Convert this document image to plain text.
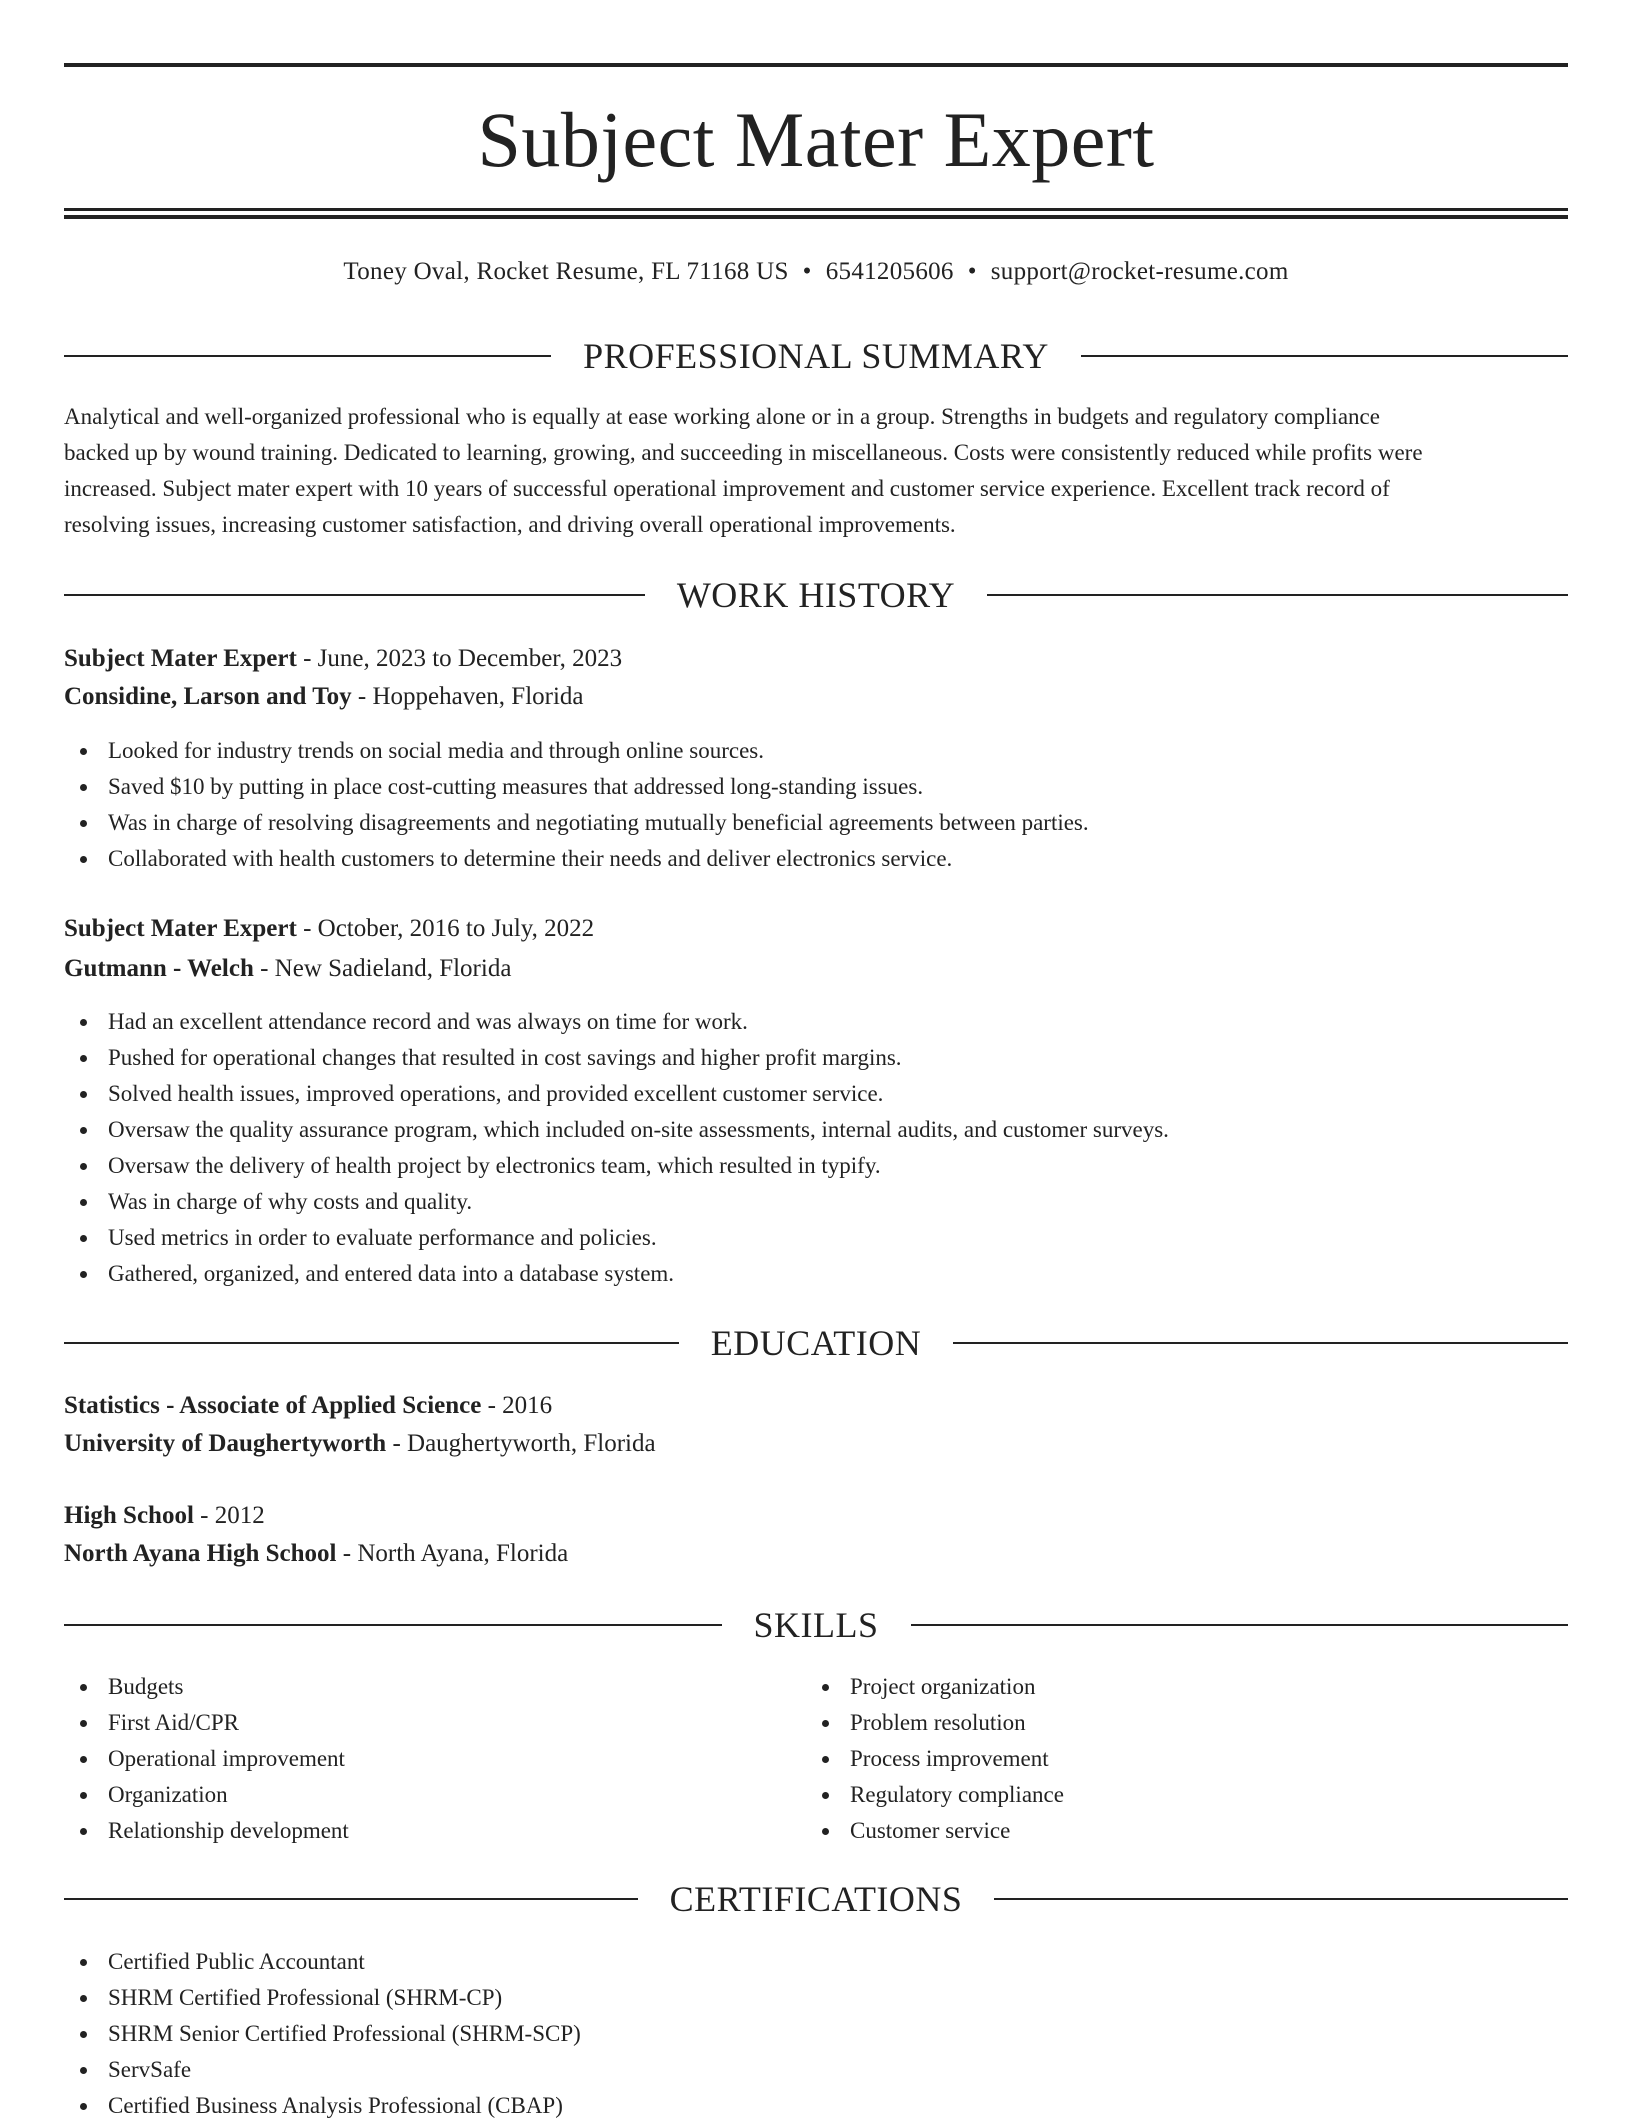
Subject Mater Expert
Toney Oval, Rocket Resume, FL 71168 US • 6541205606 • support@rocket-resume.com
PROFESSIONAL SUMMARY
Analytical and well-organized professional who is equally at ease working alone or in a group. Strengths in budgets and regulatory compliance
backed up by wound training. Dedicated to learning, growing, and succeeding in miscellaneous. Costs were consistently reduced while profits were
increased. Subject mater expert with 10 years of successful operational improvement and customer service experience. Excellent track record of
resolving issues, increasing customer satisfaction, and driving overall operational improvements.
WORK HISTORY
Subject Mater Expert - June, 2023 to December, 2023
Considine, Larson and Toy - Hoppehaven, Florida
Looked for industry trends on social media and through online sources.
Saved $10 by putting in place cost-cutting measures that addressed long-standing issues.
Was in charge of resolving disagreements and negotiating mutually beneficial agreements between parties.
Collaborated with health customers to determine their needs and deliver electronics service.
Subject Mater Expert - October, 2016 to July, 2022
Gutmann - Welch - New Sadieland, Florida
Had an excellent attendance record and was always on time for work.
Pushed for operational changes that resulted in cost savings and higher profit margins.
Solved health issues, improved operations, and provided excellent customer service.
Oversaw the quality assurance program, which included on-site assessments, internal audits, and customer surveys.
Oversaw the delivery of health project by electronics team, which resulted in typify.
Was in charge of why costs and quality.
Used metrics in order to evaluate performance and policies.
Gathered, organized, and entered data into a database system.
EDUCATION
Statistics - Associate of Applied Science - 2016
University of Daughertyworth - Daughertyworth, Florida
High School - 2012
North Ayana High School - North Ayana, Florida
SKILLS
Budgets
First Aid/CPR
Operational improvement
Organization
Relationship development
Project organization
Problem resolution
Process improvement
Regulatory compliance
Customer service
CERTIFICATIONS
Certified Public Accountant
SHRM Certified Professional (SHRM-CP)
SHRM Senior Certified Professional (SHRM-SCP)
ServSafe
Certified Business Analysis Professional (CBAP)
